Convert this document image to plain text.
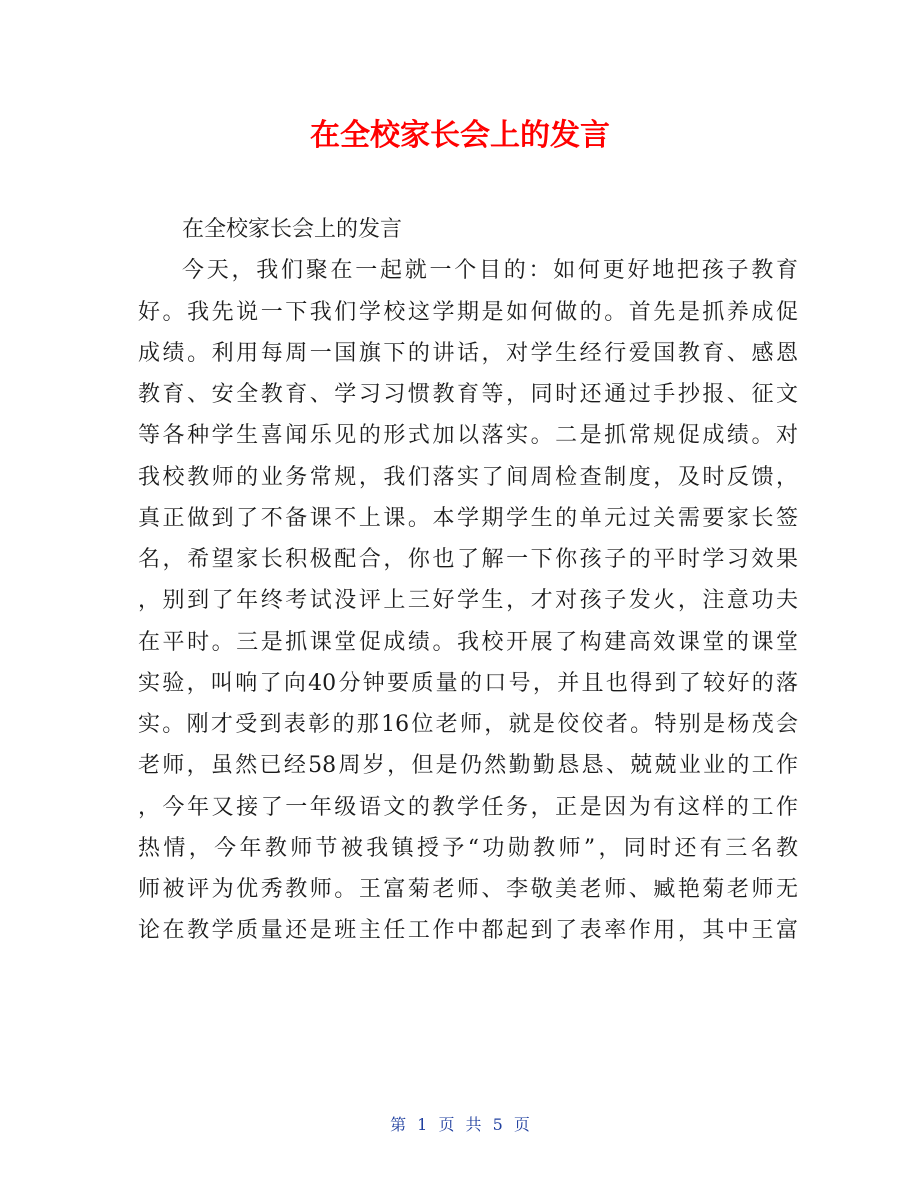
在全校家长会上的发言
在全校家长会上的发言
今天，我们聚在一起就一个目的：如何更好地把孩子教育
好。我先说一下我们学校这学期是如何做的。首先是抓养成促
成绩。利用每周一国旗下的讲话，对学生经行爱国教育、感恩
教育、安全教育、学习习惯教育等，同时还通过手抄报、征文
等各种学生喜闻乐见的形式加以落实。二是抓常规促成绩。对
我校教师的业务常规，我们落实了间周检查制度，及时反馈，
真正做到了不备课不上课。本学期学生的单元过关需要家长签
名，希望家长积极配合，你也了解一下你孩子的平时学习效果
，别到了年终考试没评上三好学生，才对孩子发火，注意功夫
在平时。三是抓课堂促成绩。我校开展了构建高效课堂的课堂
实验，叫响了向40分钟要质量的口号，并且也得到了较好的落
实。刚才受到表彰的那16位老师，就是佼佼者。特别是杨茂会
老师，虽然已经58周岁，但是仍然勤勤恳恳、兢兢业业的工作
，今年又接了一年级语文的教学任务，正是因为有这样的工作
热情，今年教师节被我镇授予“功勋教师”，同时还有三名教
师被评为优秀教师。王富菊老师、李敬美老师、臧艳菊老师无
论在教学质量还是班主任工作中都起到了表率作用，其中王富
第 1 页 共 5 页
